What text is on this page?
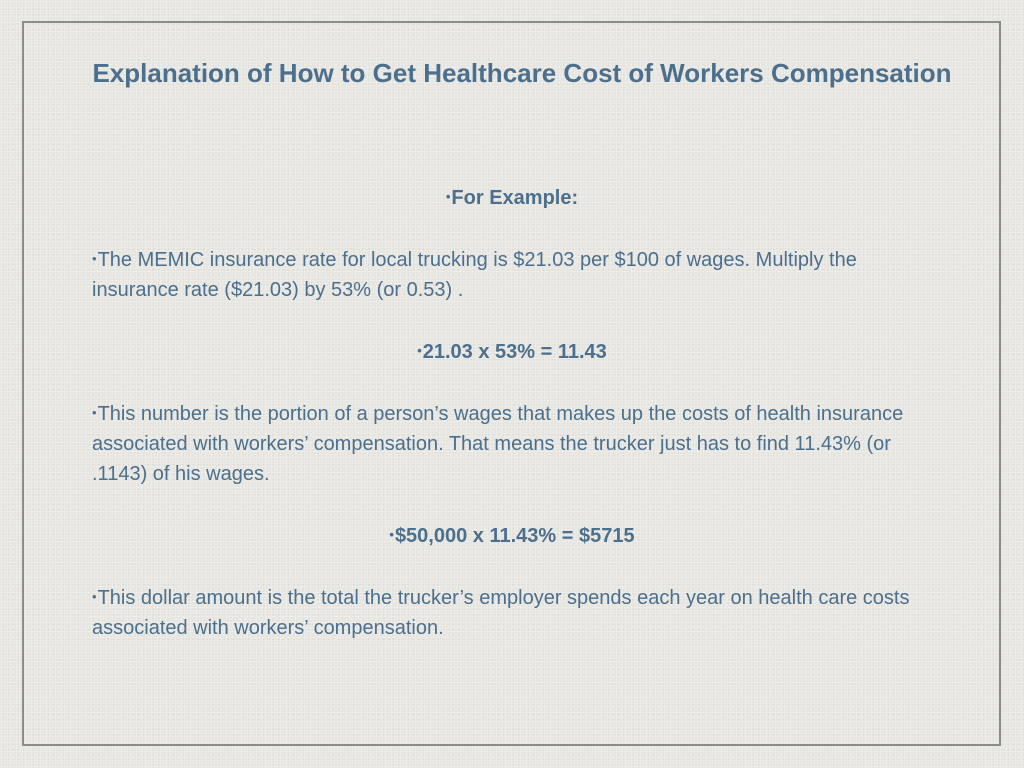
Explanation of How to Get Healthcare Cost of Workers Compensation

•For Example:

•The MEMIC insurance rate for local trucking is $21.03 per $100 of wages. Multiply the insurance rate ($21.03) by 53% (or 0.53) .

•21.03 x 53% = 11.43

•This number is the portion of a person’s wages that makes up the costs of health insurance associated with workers’ compensation. That means the trucker just has to find 11.43% (or .1143) of his wages.

•$50,000 x 11.43% = $5715

•This dollar amount is the total the trucker’s employer spends each year on health care costs associated with workers’ compensation.
